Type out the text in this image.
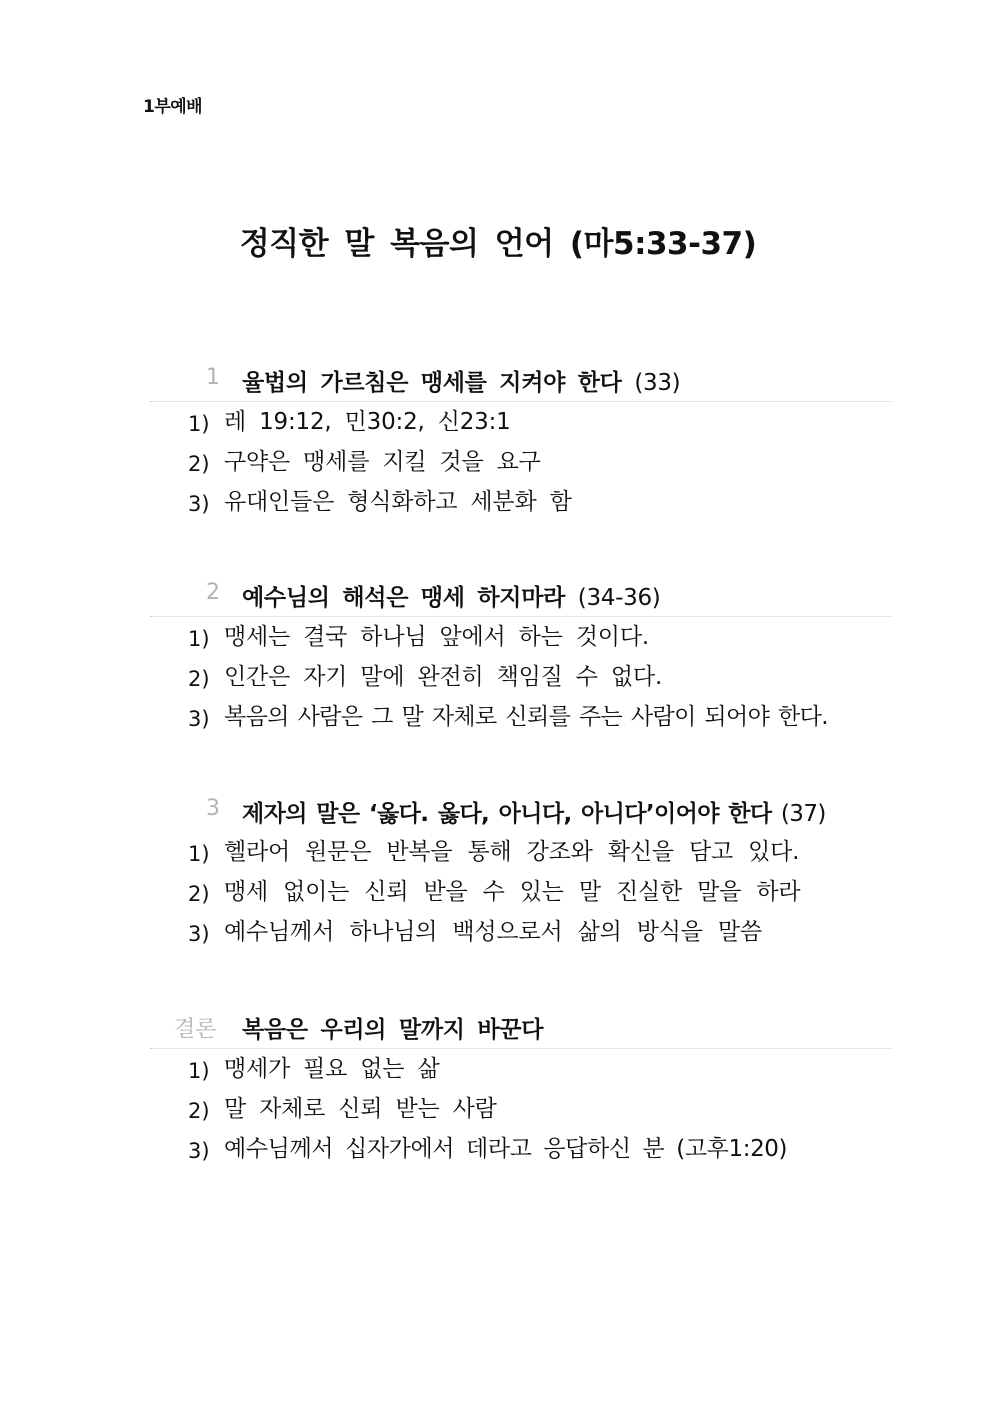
1부예배
정직한 말 복음의 언어 (마5:33-37)
1 율법의 가르침은 맹세를 지켜야 한다 (33)
1) 레 19:12, 민30:2, 신23:1
2) 구약은 맹세를 지킬 것을 요구
3) 유대인들은 형식화하고 세분화 함
2 예수님의 해석은 맹세 하지마라 (34-36)
1) 맹세는 결국 하나님 앞에서 하는 것이다.
2) 인간은 자기 말에 완전히 책임질 수 없다.
3) 복음의 사람은 그 말 자체로 신뢰를 주는 사람이 되어야 한다.
3 제자의 말은 ‘옳다. 옳다, 아니다, 아니다’이어야 한다 (37)
1) 헬라어 원문은 반복을 통해 강조와 확신을 담고 있다.
2) 맹세 없이는 신뢰 받을 수 있는 말 진실한 말을 하라
3) 예수님께서 하나님의 백성으로서 삶의 방식을 말씀
결론 복음은 우리의 말까지 바꾼다
1) 맹세가 필요 없는 삶
2) 말 자체로 신뢰 받는 사람
3) 예수님께서 십자가에서 데라고 응답하신 분 (고후1:20)
